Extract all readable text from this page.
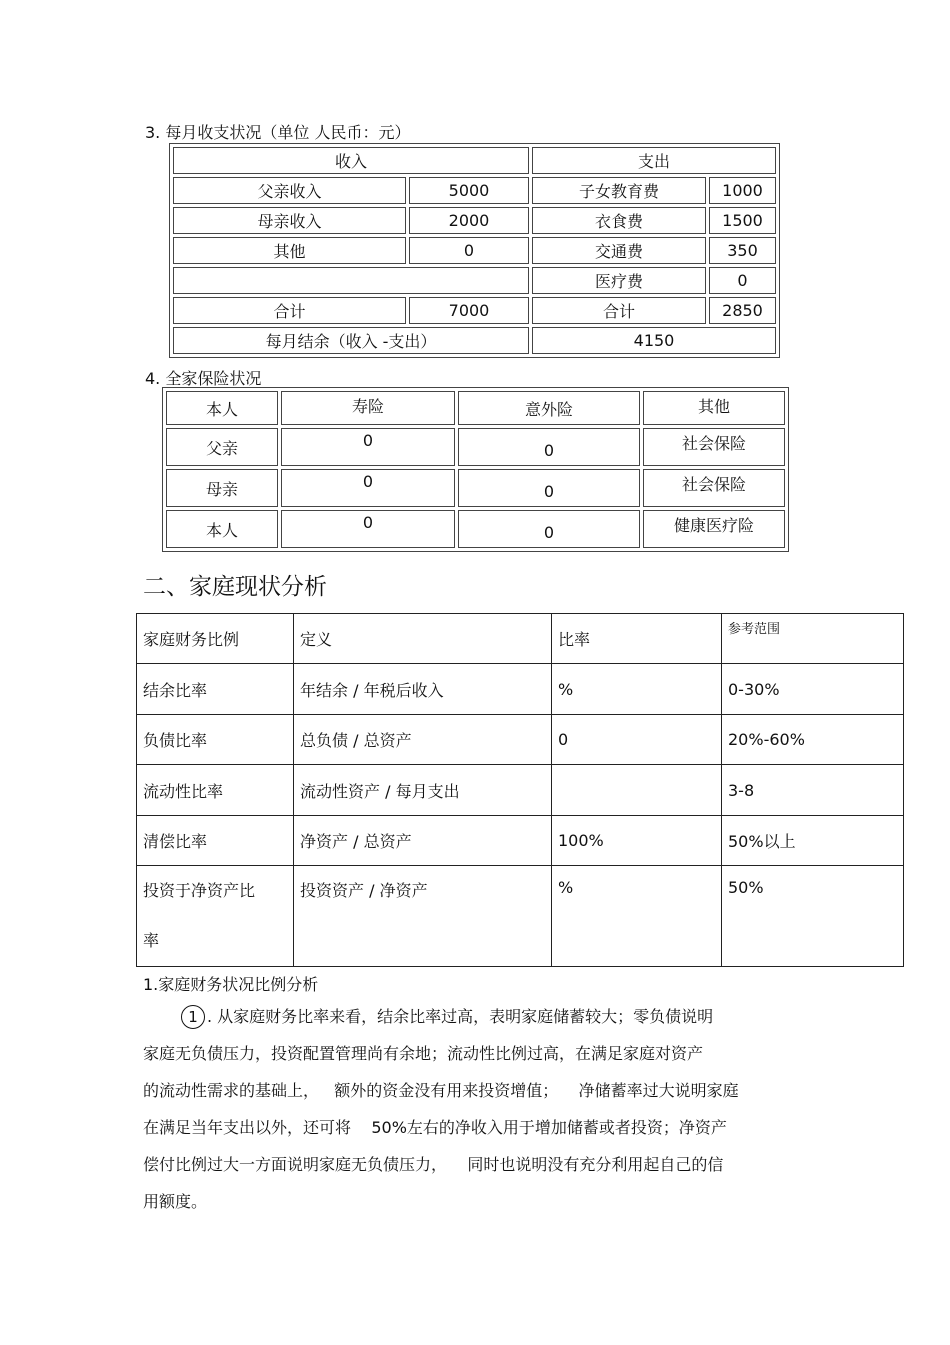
3. 每月收支状况（单位 人民币：元）
收入		支出	
父亲收入	5000	子女教育费	1000
母亲收入	2000	衣食费	1500
其他	0	交通费	350
		医疗费	0
合计	7000	合计	2850
每月结余（收入 -支出）		4150	
4. 全家保险状况
本人	寿险	意外险	其他
父亲	0	0	社会保险
母亲	0	0	社会保险
本人	0	0	健康医疗险
二、家庭现状分析
家庭财务比例	定义	比率	参考范围
结余比率	年结余 / 年税后收入	%	0-30%
负债比率	总负债 / 总资产	0	20%-60%
流动性比率	流动性资产 / 每月支出		3-8
清偿比率	净资产 / 总资产	100%	50%以上
投资于净资产比
率	投资资产 / 净资产	%	50%
1.家庭财务状况比例分析
1 . 从家庭财务比率来看，结余比率过高，表明家庭储蓄较大；零负债说明
家庭无负债压力，投资配置管理尚有余地；流动性比例过高，在满足家庭对资产
的流动性需求的基础上，   额外的资金没有用来投资增值；    净储蓄率过大说明家庭
在满足当年支出以外，还可将    50%左右的净收入用于增加储蓄或者投资；净资产
偿付比例过大一方面说明家庭无负债压力，    同时也说明没有充分利用起自己的信
用额度。
